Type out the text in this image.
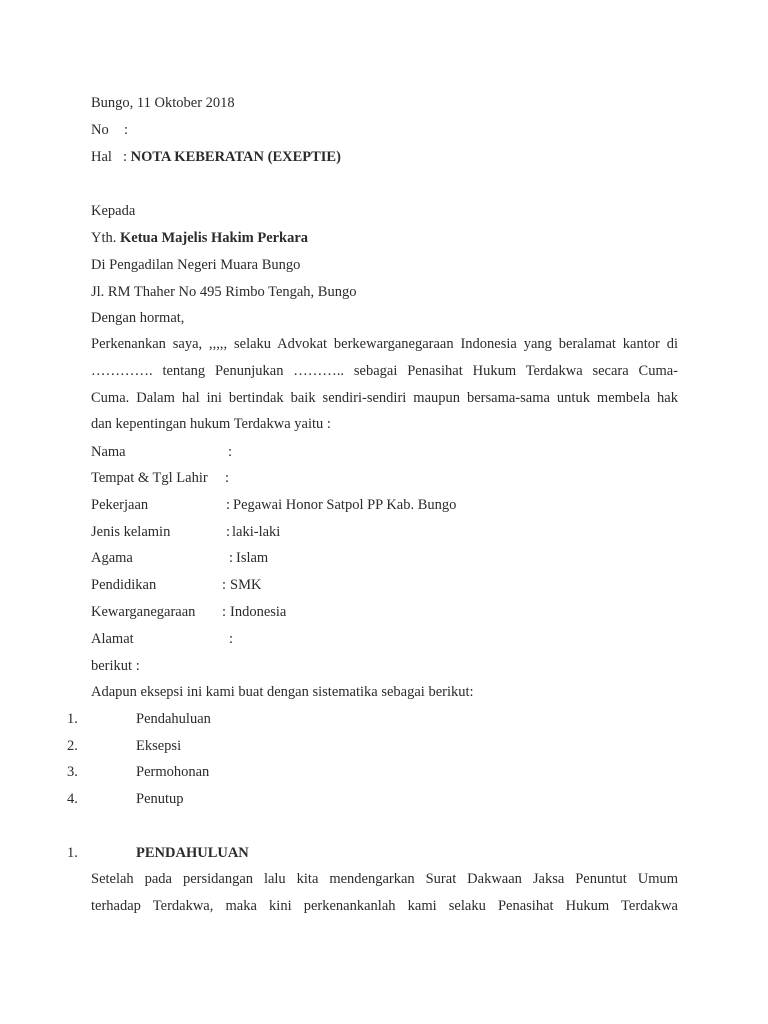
Bungo, 11 Oktober 2018
No :
Hal : NOTA KEBERATAN (EXEPTIE)
Kepada
Yth. Ketua Majelis Hakim Perkara
Di Pengadilan Negeri Muara Bungo
Jl. RM Thaher No 495 Rimbo Tengah, Bungo
Dengan hormat,
Perkenankan saya, ,,,,, selaku Advokat berkewarganegaraan Indonesia yang beralamat kantor di
…………. tentang Penunjukan ……….. sebagai Penasihat Hukum Terdakwa secara Cuma-
Cuma. Dalam hal ini bertindak baik sendiri-sendiri maupun bersama-sama untuk membela hak
dan kepentingan hukum Terdakwa yaitu :
Nama	:
Tempat & Tgl Lahir :
Pekerjaan	: Pegawai Honor Satpol PP Kab. Bungo
Jenis kelamin	: laki-laki
Agama	: Islam
Pendidikan	: SMK
Kewarganegaraan : Indonesia
Alamat	:
berikut :
Adapun eksepsi ini kami buat dengan sistematika sebagai berikut:
1.	Pendahuluan
2.	Eksepsi
3.	Permohonan
4.	Penutup
1.	PENDAHULUAN
Setelah pada persidangan lalu kita mendengarkan Surat Dakwaan Jaksa Penuntut Umum
terhadap Terdakwa, maka kini perkenankanlah kami selaku Penasihat Hukum Terdakwa
